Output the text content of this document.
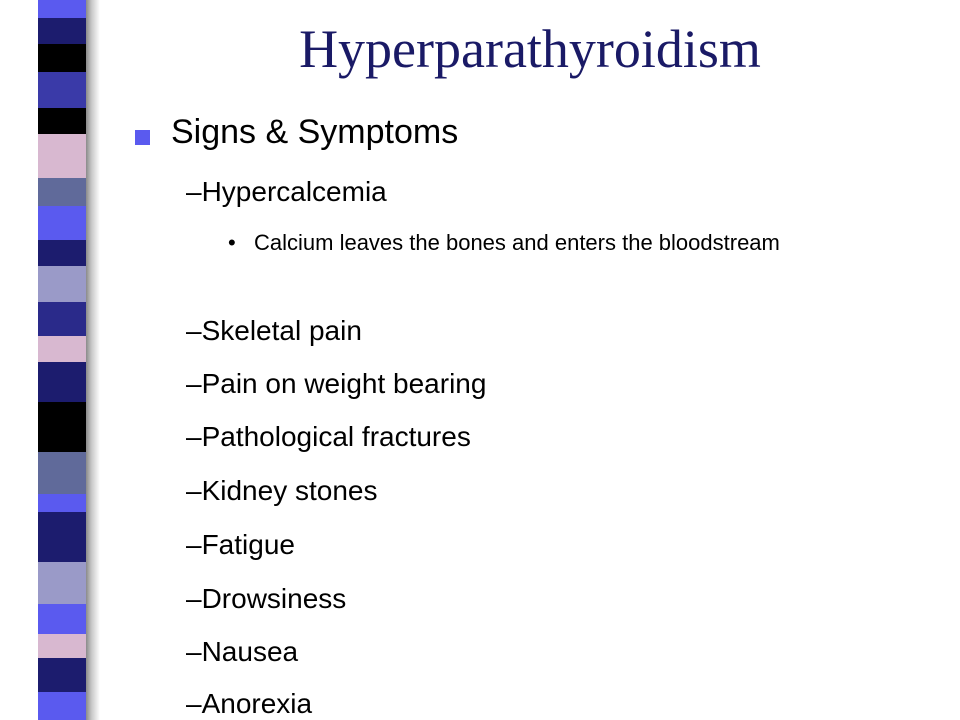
Hyperparathyroidism
Signs & Symptoms
–Hypercalcemia
• Calcium leaves the bones and enters the bloodstream
–Skeletal pain
–Pain on weight bearing
–Pathological fractures
–Kidney stones
–Fatigue
–Drowsiness
–Nausea
–Anorexia
